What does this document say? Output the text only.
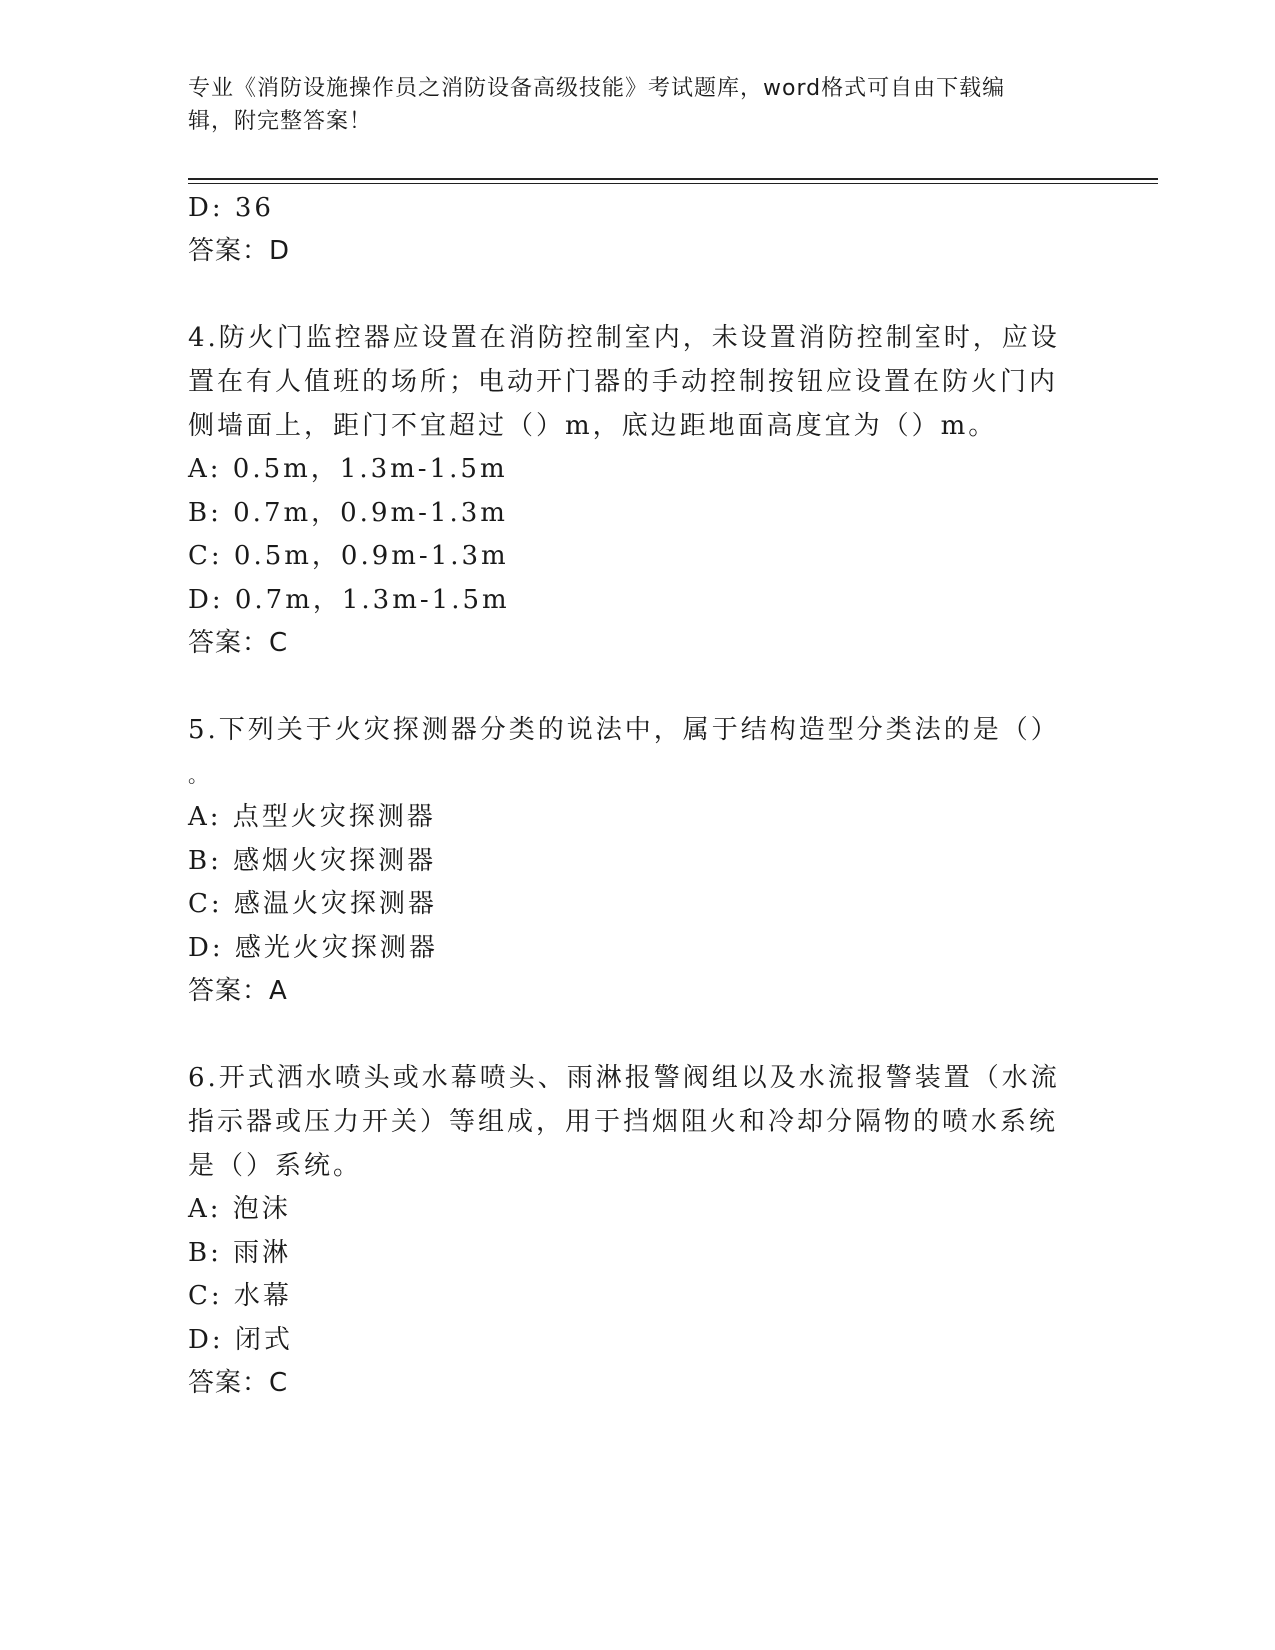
专业《消防设施操作员之消防设备高级技能》考试题库，word格式可自由下载编
辑，附完整答案！
D: 36
答案：D
4.防火门监控器应设置在消防控制室内，未设置消防控制室时，应设
置在有人值班的场所；电动开门器的手动控制按钮应设置在防火门内
侧墙面上，距门不宜超过（）m，底边距地面高度宜为（）m。
A: 0.5m，1.3m-1.5m
B: 0.7m，0.9m-1.3m
C: 0.5m，0.9m-1.3m
D: 0.7m，1.3m-1.5m
答案：C
5.下列关于火灾探测器分类的说法中，属于结构造型分类法的是（）
。
A: 点型火灾探测器
B: 感烟火灾探测器
C: 感温火灾探测器
D: 感光火灾探测器
答案：A
6.开式洒水喷头或水幕喷头、雨淋报警阀组以及水流报警装置（水流
指示器或压力开关）等组成，用于挡烟阻火和冷却分隔物的喷水系统
是（）系统。
A: 泡沫
B: 雨淋
C: 水幕
D: 闭式
答案：C
